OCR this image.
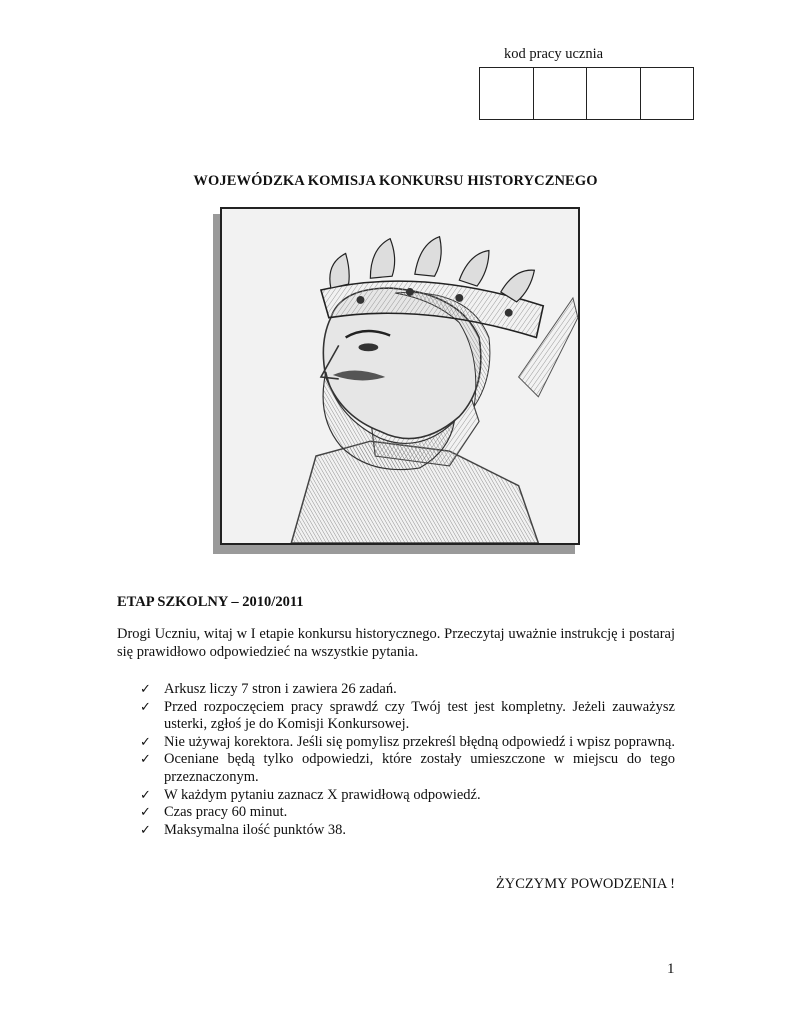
kod pracy ucznia
WOJEWÓDZKA KOMISJA KONKURSU HISTORYCZNEGO
ETAP SZKOLNY – 2010/2011
Drogi Uczniu, witaj w I etapie konkursu historycznego. Przeczytaj uważnie instrukcję i postaraj się prawidłowo odpowiedzieć na wszystkie pytania.
✓ Arkusz liczy 7 stron i zawiera 26 zadań.
✓ Przed rozpoczęciem pracy sprawdź czy Twój test jest kompletny. Jeżeli zauważysz usterki, zgłoś je do Komisji Konkursowej.
✓ Nie używaj korektora. Jeśli się pomylisz przekreśl błędną odpowiedź i wpisz poprawną.
✓ Oceniane będą tylko odpowiedzi, które zostały umieszczone w miejscu do tego przeznaczonym.
✓ W każdym pytaniu zaznacz X prawidłową odpowiedź.
✓ Czas pracy 60 minut.
✓ Maksymalna ilość punktów 38.
ŻYCZYMY POWODZENIA !
1
